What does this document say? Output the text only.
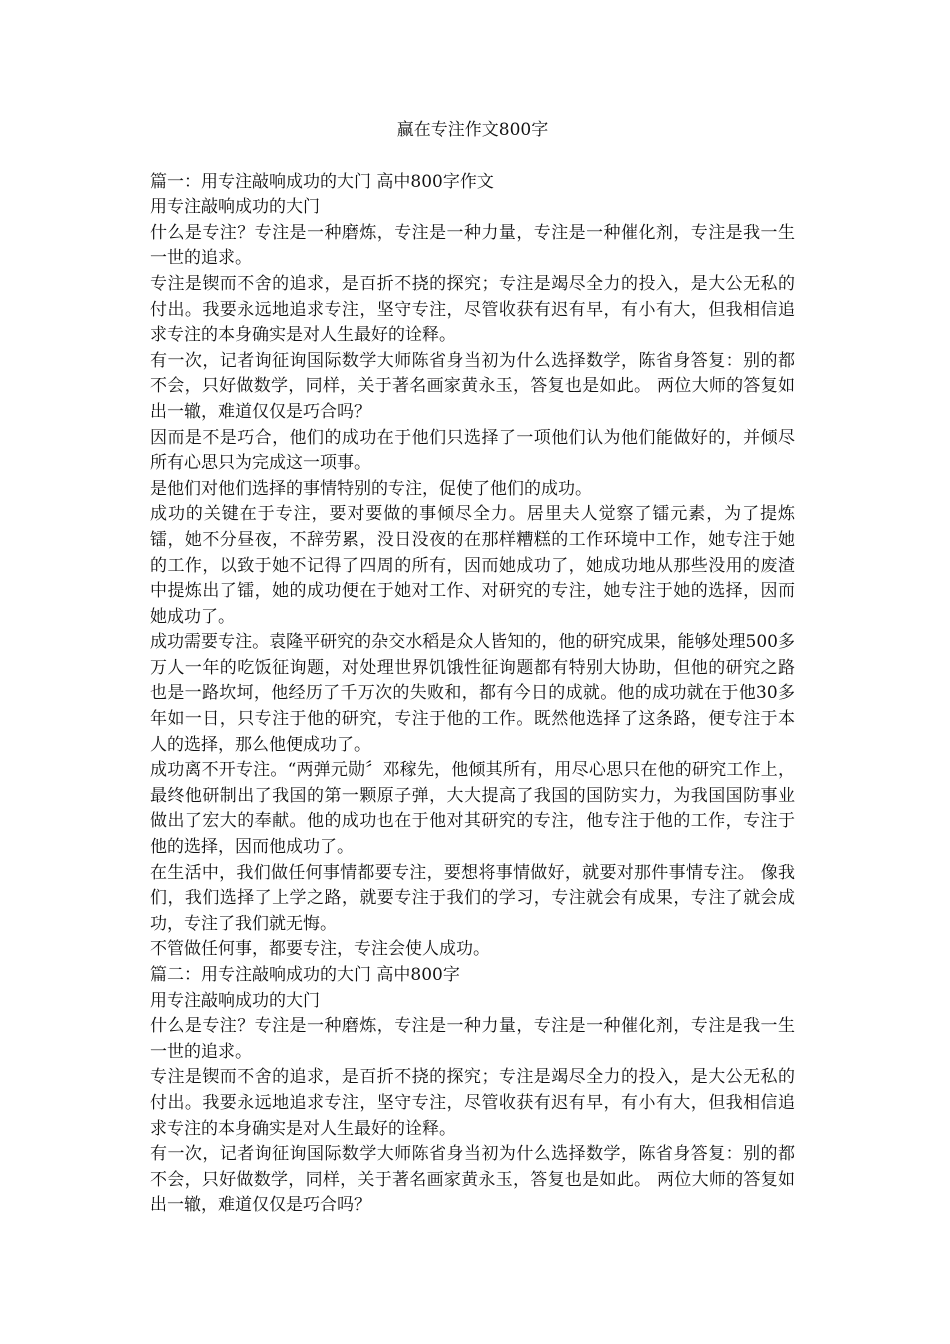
赢在专注作文800字

篇一：用专注敲响成功的大门 高中800字作文

用专注敲响成功的大门

什么是专注？专注是一种磨炼，专注是一种力量，专注是一种催化剂，专注是我一生一世的追求。

专注是锲而不舍的追求，是百折不挠的探究；专注是竭尽全力的投入，是大公无私的付出。我要永远地追求专注，坚守专注，尽管收获有迟有早，有小有大，但我相信追求专注的本身确实是对人生最好的诠释。

有一次，记者询征询国际数学大师陈省身当初为什么选择数学，陈省身答复：别的都不会，只好做数学，同样，关于著名画家黄永玉，答复也是如此。 两位大师的答复如出一辙，难道仅仅是巧合吗？

因而是不是巧合，他们的成功在于他们只选择了一项他们认为他们能做好的，并倾尽所有心思只为完成这一项事。

是他们对他们选择的事情特别的专注，促使了他们的成功。

成功的关键在于专注，要对要做的事倾尽全力。居里夫人觉察了镭元素，为了提炼镭，她不分昼夜，不辞劳累，没日没夜的在那样糟糕的工作环境中工作，她专注于她的工作，以致于她不记得了四周的所有，因而她成功了，她成功地从那些没用的废渣中提炼出了镭，她的成功便在于她对工作、对研究的专注，她专注于她的选择，因而她成功了。

成功需要专注。袁隆平研究的杂交水稻是众人皆知的，他的研究成果，能够处理500多万人一年的吃饭征询题，对处理世界饥饿性征询题都有特别大协助，但他的研究之路也是一路坎坷，他经历了千万次的失败和，都有今日的成就。他的成功就在于他30多年如一日，只专注于他的研究，专注于他的工作。既然他选择了这条路，便专注于本人的选择，那么他便成功了。

成功离不开专注。“两弹元勋〞邓稼先，他倾其所有，用尽心思只在他的研究工作上，最终他研制出了我国的第一颗原子弹，大大提高了我国的国防实力，为我国国防事业做出了宏大的奉献。他的成功也在于他对其研究的专注，他专注于他的工作，专注于他的选择，因而他成功了。

在生活中，我们做任何事情都要专注，要想将事情做好，就要对那件事情专注。 像我们，我们选择了上学之路，就要专注于我们的学习，专注就会有成果，专注了就会成功，专注了我们就无悔。

不管做任何事，都要专注，专注会使人成功。

篇二：用专注敲响成功的大门 高中800字

用专注敲响成功的大门

什么是专注？专注是一种磨炼，专注是一种力量，专注是一种催化剂，专注是我一生一世的追求。

专注是锲而不舍的追求，是百折不挠的探究；专注是竭尽全力的投入，是大公无私的付出。我要永远地追求专注，坚守专注，尽管收获有迟有早，有小有大，但我相信追求专注的本身确实是对人生最好的诠释。

有一次，记者询征询国际数学大师陈省身当初为什么选择数学，陈省身答复：别的都不会，只好做数学，同样，关于著名画家黄永玉，答复也是如此。 两位大师的答复如出一辙，难道仅仅是巧合吗？
